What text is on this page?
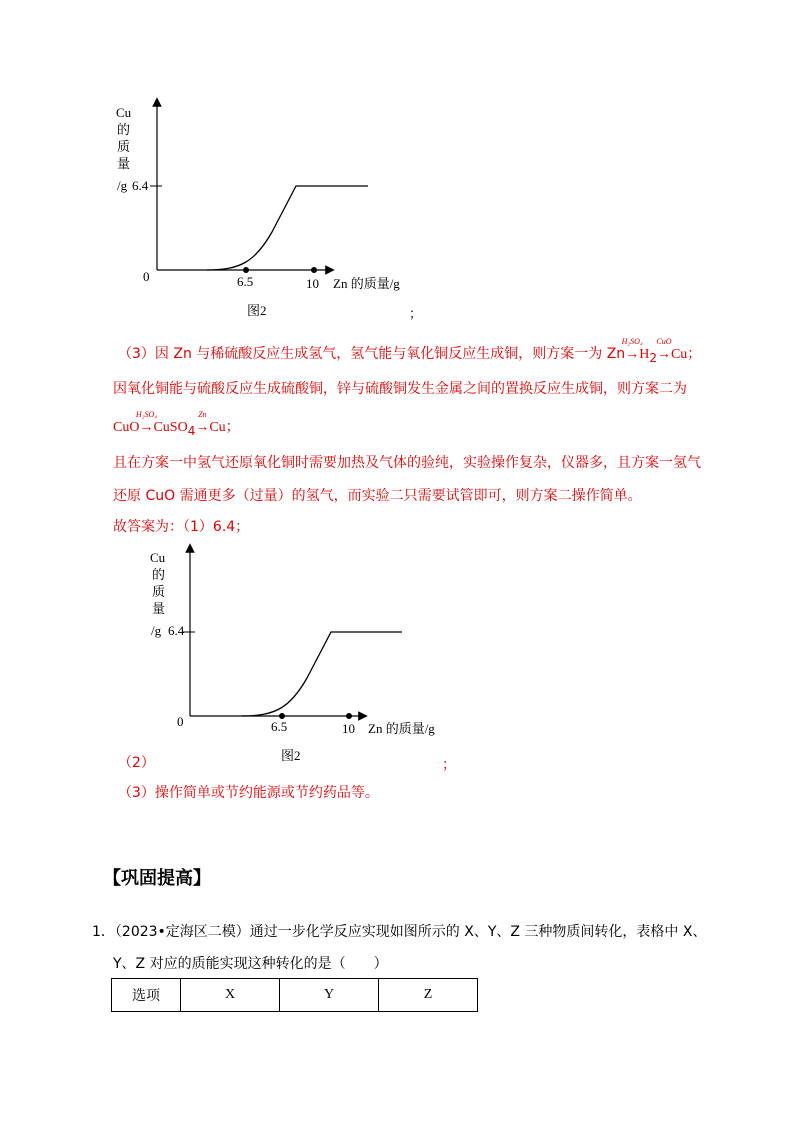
Cu
的
质
量
/g 6.4
0	6.5	10 Zn 的质量/g
图2	；
（3）因 Zn 与稀硫酸反应生成氢气，氢气能与氧化铜反应生成铜，则方案一为 Zn
H₂SO₄
$\to H_2$
CuO
→Cu；
因氧化铜能与硫酸反应生成硫酸铜，锌与硫酸铜发生金属之间的置换反应生成铜，则方案二为
CuO
H₂SO₄
→CuSO$_4$
Zn
→Cu；
且在方案一中氢气还原氧化铜时需要加热及气体的验纯，实验操作复杂，仪器多，且方案一氢气
还原 CuO 需通更多（过量）的氢气，而实验二只需要试管即可，则方案二操作简单。
故答案为：（1）6.4；
Cu
的
质
量
/g 6.4
0	6.5	10 Zn 的质量/g
图2
（2）	；
（3）操作简单或节约能源或节约药品等。
【巩固提高】
1．（2023•定海区二模）通过一步化学反应实现如图所示的 X、Y、Z 三种物质间转化，表格中 X、
Y、Z 对应的质能实现这种转化的是（　　）
选项	X	Y	Z
